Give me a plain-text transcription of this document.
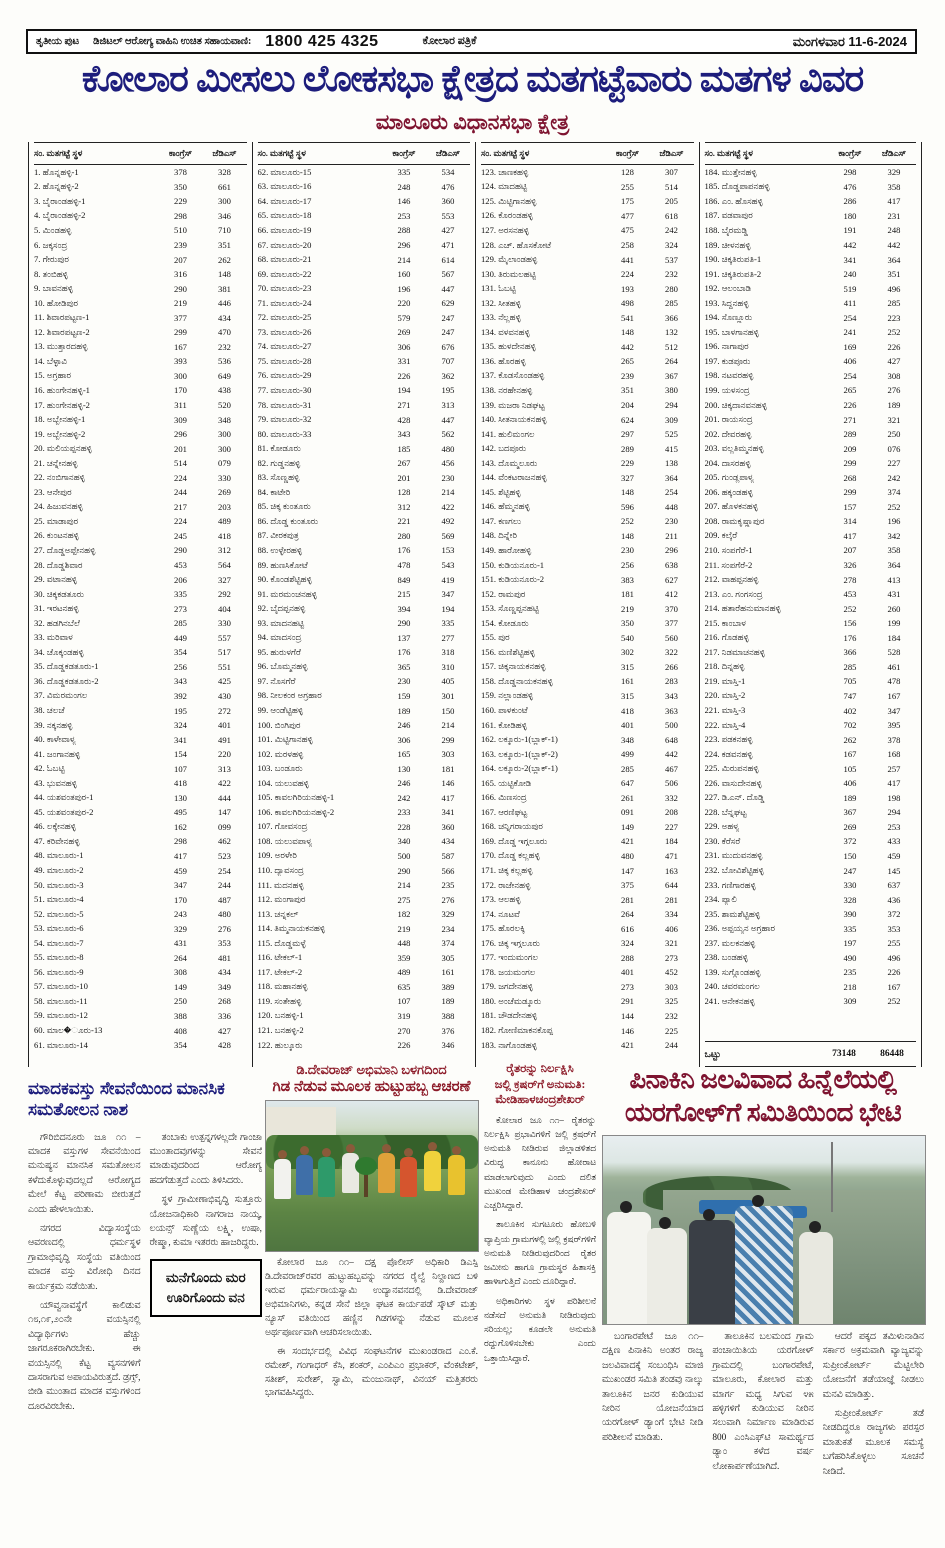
ತೃತೀಯ ಪುಟ ಡಿಜಿಟಲ್ ಆರೋಗ್ಯ ವಾಹಿನಿ ಉಚಿತ ಸಹಾಯವಾಣಿ: 1800 425 4325	ಕೋಲಾರ ಪತ್ರಿಕೆ	ಮಂಗಳವಾರ 11-6-2024
ಕೋಲಾರ ಮೀಸಲು ಲೋಕಸಭಾ ಕ್ಷೇತ್ರದ ಮತಗಟ್ಟೆವಾರು ಮತಗಳ ವಿವರ
ಮಾಲೂರು ವಿಧಾನಸಭಾ ಕ್ಷೇತ್ರ
ಸಂ. ಮತಗಟ್ಟೆ ಸ್ಥಳ	ಕಾಂಗ್ರೆಸ್	ಜೆಡಿಎಸ್
1. ಹೊನ್ನಹಳ್ಳಿ-1	378	328
2. ಹೊನ್ನಹಳ್ಳಿ-2	350	661
3. ಬೈರಾಂಡಹಳ್ಳಿ-1	229	300
4. ಬೈರಾಂಡಹಳ್ಳಿ-2	298	346
5. ಮಿಂಡಹಳ್ಳಿ	510	710
6. ಜಕ್ಕಸಂದ್ರ	239	351
7. ಗೇರುಪುರ	207	262
8. ತಂಬಿಹಳ್ಳಿ	316	148
9. ಬಾವನಹಳ್ಳಿ	290	381
10. ಹೋಡಿಪುರ	219	446
11. ಶಿವಾರಪಟ್ಟಣ-1	377	434
12. ಶಿವಾರಪಟ್ಟಣ-2	299	470
13. ಮುತ್ತಾರದಹಳ್ಳಿ	167	232
14. ಬೆಳ್ಳಾವಿ	393	536
15. ಅಗ್ರಹಾರ	300	649
16. ಹುಂಗೇನಹಳ್ಳಿ-1	170	438
17. ಹುಂಗೇನಹಳ್ಳಿ-2	311	520
18. ಅಬ್ಬೇನಹಳ್ಳಿ-1	309	348
19. ಅಬ್ಬೇನಹಳ್ಳಿ-2	296	300
20. ಮಲಿಯಪ್ಪನಹಳ್ಳಿ	201	300
21. ಚನ್ನೇನಹಳ್ಳಿ	514	079
22. ನಂಬಿಗಾನಹಳ್ಳಿ	224	330
23. ಆನೇಪುರ	244	269
24. ಹಿಜುವನಹಳ್ಳಿ	217	203
25. ಮಾಡಾಪುರ	224	489
26. ಕುಂಟನಹಳ್ಳಿ	245	418
27. ದೊಡ್ಡಅಪ್ಪೇನಹಳ್ಳಿ	290	312
28. ದೊಡ್ಡಶಿವಾರ	453	564
29. ವಟಾನಹಳ್ಳಿ	206	327
30. ಚಿಕ್ಕಕಡತೂರು	335	292
31. ಇರಟನಹಳ್ಳಿ	273	404
32. ಹಡಗಿನಬೆಲೆ	285	330
33. ಮರಿವಾಳ	449	557
34. ಚೊಕ್ಕಂಡಹಳ್ಳಿ	354	517
35. ದೊಡ್ಡಕಡತೂರು-1	256	551
36. ದೊಡ್ಡಕಡತೂರು-2	343	425
37. ವಿಮರಮಂಗಲ	392	430
38. ಚಲಚೆ	195	272
39. ನಕ್ಕನಹಳ್ಳಿ	324	401
40. ಕಾಳೇವಾಳ್ಯ	341	491
41. ಜಂಗಾನಹಳ್ಳಿ	154	220
42. ಓಬಟ್ಟಿ	107	313
43. ಭುವನಹಳ್ಳಿ	418	422
44. ಯಶವಂತಪುರ-1	130	444
45. ಯಶವಂತಪುರ-2	495	147
46. ಲಕ್ಕೇನಹಳ್ಳಿ	162	099
47. ಕರಿವೇನಹಳ್ಳಿ	298	462
48. ಮಾಲೂರು-1	417	523
49. ಮಾಲೂರು-2	459	254
50. ಮಾಲೂರು-3	347	244
51. ಮಾಲೂರು-4	170	487
52. ಮಾಲೂರು-5	243	480
53. ಮಾಲೂರು-6	329	276
54. ಮಾಲೂರು-7	431	353
55. ಮಾಲೂರು-8	264	481
56. ಮಾಲೂರು-9	308	434
57. ಮಾಲೂರು-10	149	349
58. ಮಾಲೂರು-11	250	268
59. ಮಾಲೂರು-12	388	336
60. ಮಾಲ�ೂರು-13	408	427
61. ಮಾಲೂರು-14	354	428
ಸಂ. ಮತಗಟ್ಟೆ ಸ್ಥಳ	ಕಾಂಗ್ರೆಸ್	ಜೆಡಿಎಸ್
62. ಮಾಲೂರು-15	335	534
63. ಮಾಲೂರು-16	248	476
64. ಮಾಲೂರು-17	146	360
65. ಮಾಲೂರು-18	253	553
66. ಮಾಲೂರು-19	288	427
67. ಮಾಲೂರು-20	296	471
68. ಮಾಲೂರು-21	214	614
69. ಮಾಲೂರು-22	160	567
70. ಮಾಲೂರು-23	196	447
71. ಮಾಲೂರು-24	220	629
72. ಮಾಲೂರು-25	579	247
73. ಮಾಲೂರು-26	269	247
74. ಮಾಲೂರು-27	306	676
75. ಮಾಲೂರು-28	331	707
76. ಮಾಲೂರು-29	226	362
77. ಮಾಲೂರು-30	194	195
78. ಮಾಲೂರು-31	271	313
79. ಮಾಲೂರು-32	428	447
80. ಮಾಲೂರು-33	343	562
81. ಕೋಡೂರು	185	480
82. ಗುಡ್ಡನಹಳ್ಳಿ	267	456
83. ಸೊಣ್ಣಹಳ್ಳಿ	201	230
84. ಕಾಟೇರಿ	128	214
85. ಚಿಕ್ಕ ಕುಂತೂರು	312	422
86. ದೊಡ್ಡ ಕುಂತೂರು	221	492
87. ವೀರಕಪುತ್ರ	280	569
88. ಉಳ್ಳೇರಹಳ್ಳಿ	176	153
89. ಹುಣಸಿಕೋಟೆ	478	543
90. ಕೊಂಡಶೆಟ್ಟಿಹಳ್ಳಿ	849	419
91. ಮರಮಂಚನಹಳ್ಳಿ	215	347
92. ಬೈದಪ್ಪನಹಳ್ಳಿ	394	194
93. ಮಾದನಹಟ್ಟಿ	290	335
94. ಮಾದಸಂದ್ರ	137	277
95. ಹುರುಳಗೆರೆ	176	318
96. ಬೊಮ್ಮನಹಳ್ಳಿ	365	310
97. ನೊಸಗೆರೆ	230	405
98. ನೀಲಕಂಠ ಅಗ್ರಹಾರ	159	301
99. ಆಂಡೆಟ್ಟಿಹಳ್ಳಿ	189	150
100. ಬಿಂಗಿಪುರ	246	214
101. ಮಿಟ್ಟಿಗಾನಹಳ್ಳಿ	306	299
102. ಮರಳಹಳ್ಳಿ	165	303
103. ಬಂಡೂರು	130	181
104. ಯಲುವಹಳ್ಳಿ	246	146
105. ಕಾವಲಗಿರಿಯನಹಳ್ಳಿ-1	242	417
106. ಕಾವಲಗಿರಿಯನಹಳ್ಳಿ-2	233	341
107. ಗೋವಸಂದ್ರ	228	360
108. ಯಲುವಪಾಳ್ಯ	340	434
109. ಅರಳೇರಿ	500	587
110. ದ್ಯಾವಸಂದ್ರ	290	566
111. ಮದನಹಳ್ಳಿ	214	235
112. ಮಂಗಾಪುರ	275	276
113. ಚನ್ನಕಲ್	182	329
114. ತಿಮ್ಮನಾಯಕನಹಳ್ಳಿ	219	234
115. ದೊಡ್ಡಮಳ್ಳೆ	448	374
116. ಟೇಕಲ್-1	359	305
117. ಟೇಕಲ್-2	489	161
118. ಮಹಾನಹಳ್ಳಿ	635	389
119. ಸಂತೇಹಳ್ಳಿ	107	189
120. ಬನಹಳ್ಳಿ-1	319	388
121. ಬನಹಳ್ಳಿ-2	270	376
122. ಹುಲ್ಕೂರು	226	346
ಸಂ. ಮತಗಟ್ಟೆ ಸ್ಥಳ	ಕಾಂಗ್ರೆಸ್	ಜೆಡಿಎಸ್
123. ಚಾಣಕಹಳ್ಳಿ	128	307
124. ಮಾದಹಟ್ಟಿ	255	514
125. ಮಿಟ್ಟಿಗಾನಹಳ್ಳಿ	175	205
126. ಕೊರಂಡಹಳ್ಳಿ	477	618
127. ಅರಸನಹಳ್ಳಿ	475	242
128. ಎಚ್. ಹೊಸಕೋಟೆ	258	324
129. ಮೈಲಾಂಡಹಳ್ಳಿ	441	537
130. ತಿರುಮಲಹಟ್ಟಿ	224	232
131. ಓಬಟ್ಟಿ	193	280
132. ಸೀತಹಳ್ಳಿ	498	285
133. ನೆಲ್ಲಹಳ್ಳಿ	541	366
134. ವಳವನಹಳ್ಳಿ	148	132
135. ಹುಳದೇನಹಳ್ಳಿ	442	512
136. ಹೊರಹಳ್ಳಿ	265	264
137. ಕೊಡಸೊಂಡಹಳ್ಳಿ	239	367
138. ನರಹೇನಹಳ್ಳಿ	351	380
139. ಮಜರಾ ನಿಡಘಟ್ಟ	204	294
140. ಸೀತನಾಯಕನಹಳ್ಳಿ	624	309
141. ಹುಲಿಮಂಗಲ	297	525
142. ಬದಪೂರು	289	415
143. ದೊಮ್ಮಲೂರು	229	138
144. ವೆಂಕಟರಾಜನಹಳ್ಳಿ	327	364
145. ಶೆಟ್ಟಿಹಳ್ಳಿ	148	254
146. ಹೆಮ್ಮನಹಳ್ಳಿ	596	448
147. ಕಣಗಲು	252	230
148. ದಿನ್ನೇರಿ	148	211
149. ಹಾರೋಹಳ್ಳಿ	230	296
150. ಕುಡಿಯನೂರು-1	256	638
151. ಕುಡಿಯನೂರು-2	383	627
152. ರಾಮಪುರ	181	412
153. ಸೊಣ್ಣಪ್ಪನಹಟ್ಟಿ	219	370
154. ಕೋಡೂರು	350	377
155. ಪುರ	540	560
156. ಮಣಿಶೆಟ್ಟಿಹಳ್ಳಿ	302	322
157. ಚಿಕ್ಕನಾಯಕನಹಳ್ಳಿ	315	266
158. ದೊಡ್ಡನಾಯಕನಹಳ್ಳಿ	161	283
159. ನಲ್ಲಾಂಡಹಳ್ಳಿ	315	343
160. ಪಾಳಕುಂಟೆ	418	363
161. ಕೋಡಿಹಳ್ಳಿ	401	500
162. ಲಕ್ಕೂರು-1(ಬ್ಲಾಕ್-1)	348	648
163. ಲಕ್ಕೂರು-1(ಬ್ಲಾಕ್-2)	499	442
164. ಲಕ್ಕೂರು-2(ಬ್ಲಾಕ್-1)	285	467
165. ಯಟ್ಟಿಕೋಡಿ	647	506
166. ಮಿಣಸಂದ್ರ	261	332
167. ಆರಣಿಘಟ್ಟ	091	208
168. ಚನ್ನಿಗರಾಯಪುರ	149	227
169. ದೊಡ್ಡ ಇಗ್ಗಲೂರು	421	184
170. ದೊಡ್ಡ ಕಲ್ಲಹಳ್ಳಿ	480	471
171. ಚಿಕ್ಕ ಕಲ್ಲಹಳ್ಳಿ	147	163
172. ರಾಜೇನಹಳ್ಳಿ	375	644
173. ಆಲಹಳ್ಳಿ	281	281
174. ನೂಟವೆ	264	334
175. ಹೊರಲಕ್ಕಿ	616	406
176. ಚಿಕ್ಕ ಇಗ್ಗಲೂರು	324	321
177. ಇಂದುಮಂಗಲ	288	273
178. ಜಯಮಂಗಲ	401	452
179. ಜಗದೇನಹಳ್ಳಿ	273	303
180. ಅಂಚೆಮಡ್ಕೂರು	291	325
181. ಚೌಡದೇನಹಳ್ಳಿ	144	232
182. ಗೋಣಿಮಾಕನಕೊಪ್ಪ	146	225
183. ನಾಗೊಂಡಹಳ್ಳಿ	421	244
ಸಂ. ಮತಗಟ್ಟೆ ಸ್ಥಳ	ಕಾಂಗ್ರೆಸ್	ಜೆಡಿಎಸ್
184. ಮುತ್ತೇನಹಳ್ಳಿ	298	329
185. ದೊಡ್ಡಪಾಪನಹಳ್ಳಿ	476	358
186. ಎಂ. ಹೊಸಹಳ್ಳಿ	286	417
187. ವಡವಾಪುರ	180	231
188. ಬೈರಮಡ್ಡಿ	191	248
189. ಚೀಳನಹಳ್ಳಿ	442	442
190. ಚಿಕ್ಕತಿರುಪತಿ-1	341	364
191. ಚಿಕ್ಕತಿರುಪತಿ-2	240	351
192. ಆಲಂಬಾಡಿ	519	496
193. ಸಿದ್ದನಹಳ್ಳಿ	411	285
194. ಸೊಣ್ಣೂರು	254	223
195. ಬಾಳಗಾನಹಳ್ಳಿ	241	252
196. ನಾಗಾಪುರ	169	226
197. ಕುಡಪೂರು	406	427
198. ನಟವರಹಳ್ಳಿ	254	308
199. ಯಳಸಂದ್ರ	265	276
200. ಚಿಕ್ಕದಾನವನಹಳ್ಳಿ	226	189
201. ರಾಯಸಂದ್ರ	271	321
202. ದೇವರಹಳ್ಳಿ	289	250
203. ವಲ್ಲತಿಮ್ಮನಹಳ್ಳಿ	209	076
204. ದಾಸರಹಳ್ಳಿ	299	227
205. ಗುಂಡ್ಲಪಾಳ್ಯ	268	242
206. ಹಕ್ಕಂಡಹಳ್ಳಿ	299	374
207. ಹೊಳಕನಹಳ್ಳಿ	157	252
208. ರಾಮಕೃಷ್ಣಾಪುರ	314	196
209. ಕಲ್ಕೆರೆ	417	342
210. ಸಂಪಗೆರೆ-1	207	358
211. ಸಂಪಗೆರೆ-2	326	364
212. ವಾಹಪ್ಪನಹಳ್ಳಿ	278	413
213. ಎಂ. ಗಂಗಸಂದ್ರ	453	431
214. ಹತಾರೆಹನುಮಾನಹಳ್ಳಿ	252	260
215. ಕಾಂಬಾಳ	156	199
216. ಗೊಡಹಳ್ಳಿ	176	184
217. ನಿಡಮಾಚನಹಳ್ಳಿ	366	528
218. ದಿನ್ನಹಳ್ಳಿ	285	461
219. ಮಾಸ್ತಿ-1	705	478
220. ಮಾಸ್ತಿ-2	747	167
221. ಮಾಸ್ತಿ-3	402	347
222. ಮಾಸ್ತಿ-4	702	395
223. ಪಡಕನಹಳ್ಳಿ	262	378
224. ಕಡವನಹಳ್ಳಿ	167	168
225. ಮಿರುಪನಹಳ್ಳಿ	105	257
226. ವಾಸುದೇನಹಳ್ಳಿ	406	417
227. ಡಿ.ಎನ್. ದೊಡ್ಡಿ	189	198
228. ಬೆನ್ನಘಟ್ಟ	367	294
229. ಅಹಳ್ಯ	269	253
230. ಕೆರೆಸರೆ	372	433
231. ಮುದುವನಹಳ್ಳಿ	150	459
232. ಬೋವಿಶೆಟ್ಟಿಹಳ್ಳಿ	247	145
233. ಗಣಿಗಾರಹಳ್ಳಿ	330	637
234. ಪ್ಯಾಲಿ	328	436
235. ಶಾಮಶೆಟ್ಟಿಹಳ್ಳಿ	390	372
236. ಅಪ್ಪಯ್ಯನ ಅಗ್ರಹಾರ	335	353
237. ಮಲಕನಹಳ್ಳಿ	197	255
238. ಬಂಡಹಳ್ಳಿ	490	496
139. ಸುಗ್ಗೊಂಡಹಳ್ಳಿ	235	226
240. ಚವರಮಂಗಲ	218	167
241. ಆನೇಕನಹಳ್ಳಿ	309	252
ಒಟ್ಟು	73148	86448
ಮಾದಕವಸ್ತು ಸೇವನೆಯಿಂದ ಮಾನಸಿಕ ಸಮತೋಲನ ನಾಶ

ಗೌರಿಬಿದನೂರು ಜೂ ೧೧ – ಮಾದಕ ವಸ್ತುಗಳ ಸೇವನೆಯಿಂದ ಮನುಷ್ಯನ ಮಾನಸಿಕ ಸಮತೋಲನ ಕಳೆದುಕೊಳ್ಳುವುದಲ್ಲದೆ ಆರೋಗ್ಯದ ಮೇಲೆ ಕೆಟ್ಟ ಪರಿಣಾಮ ಬೀರುತ್ತದೆ ಎಂದು ಹೇಳಲಾಯಿತು.

ನಗರದ ವಿದ್ಯಾಸಂಸ್ಥೆಯ ಆವರಣದಲ್ಲಿ ಧರ್ಮಸ್ಥಳ ಗ್ರಾಮಾಭಿವೃದ್ಧಿ ಸಂಸ್ಥೆಯ ವತಿಯಿಂದ ಮಾದಕ ವಸ್ತು ವಿರೋಧಿ ದಿನದ ಕಾರ್ಯಕ್ರಮ ನಡೆಯಿತು.

ಯೌವ್ವನಾವಸ್ಥೆಗೆ ಕಾಲಿಡುವ ೧೮,೧೯,೨೦ನೇ ವಯಸ್ಸಿನಲ್ಲಿ ವಿದ್ಯಾರ್ಥಿಗಳು ಹೆಚ್ಚು ಜಾಗರೂಕರಾಗಿರಬೇಕು. ಈ ವಯಸ್ಸಿನಲ್ಲಿ ಕೆಟ್ಟ ವ್ಯಸನಗಳಿಗೆ ದಾಸರಾಗುವ ಅಪಾಯವಿರುತ್ತದೆ. ಡ್ರಗ್ಸ್, ಬೀಡಿ ಮುಂತಾದ ಮಾದಕ ವಸ್ತುಗಳಿಂದ ದೂರವಿರಬೇಕು.

ತಂಬಾಕು ಉತ್ಪನ್ನಗಳಲ್ಲದೇ ಗಾಂಜಾ ಮುಂತಾದವುಗಳನ್ನು ಸೇವನೆ ಮಾಡುವುದರಿಂದ ಆರೋಗ್ಯ ಹದಗೆಡುತ್ತದೆ ಎಂದು ತಿಳಿಸಿದರು.

ಸ್ಥಳ ಗ್ರಾಮೀಣಾಭಿವೃದ್ಧಿ ಸುತ್ತೂರು ಯೋಜನಾಧಿಕಾರಿ ನಾಗರಾಜ ನಾಯ್ಕ, ಲಯನ್ಸ್ ಸುಣ್ಣೆಯ ಲಕ್ಷ್ಮಿ, ಉಷಾ, ರೇಷ್ಮಾ, ಕುಮಾ ಇತರರು ಹಾಜರಿದ್ದರು.

ಮನೆಗೊಂದು ಮರ ಊರಿಗೊಂದು ವನ
ಡಿ.ದೇವರಾಜ್ ಅಭಿಮಾನಿ ಬಳಗದಿಂದ
ಗಿಡ ನೆಡುವ ಮೂಲಕ ಹುಟ್ಟುಹಬ್ಬ ಆಚರಣೆ

ಕೋಲಾರ ಜೂ ೧೧– ದಕ್ಷ ಪೊಲೀಸ್ ಅಧಿಕಾರಿ ಡಿಎಸ್ಪಿ ಡಿ.ದೇವರಾಜ್‌ರವರ ಹುಟ್ಟುಹಬ್ಬವನ್ನು ನಗರದ ರೈಲ್ವೆ ನಿಲ್ದಾಣದ ಬಳಿ ಇರುವ ಧರ್ಮರಾಯಸ್ವಾಮಿ ಉದ್ಯಾನವನದಲ್ಲಿ ಡಿ.ದೇವರಾಜ್ ಅಭಿಮಾನಿಗಳು, ಕನ್ನಡ ಸೇನೆ ಜಿಲ್ಲಾ ಘಟಕ ಕಾರ್ಯಪಡೆ ಸ್ಕೌಟ್ ಮತ್ತು ನ್ಯೂಸ್ ವತಿಯಿಂದ ಹಣ್ಣಿನ ಗಿಡಗಳನ್ನು ನೆಡುವ ಮೂಲಕ ಅರ್ಥಪೂರ್ಣವಾಗಿ ಆಚರಿಸಲಾಯಿತು.

ಈ ಸಂದರ್ಭದಲ್ಲಿ ವಿವಿಧ ಸಂಘಟನೆಗಳ ಮುಖಂಡರಾದ ಎಂ.ಕೆ. ರಮೇಶ್, ಗಂಗಾಧರ್ ಕೆಸಿ, ಶಂಕರ್, ಎಂಪಿಎಂ ಪ್ರಭಾಕರ್, ವೆಂಕಟೇಶ್, ಸತೀಶ್, ಸುರೇಶ್, ಸ್ವಾಮಿ, ಮಂಜುನಾಥ್, ವಿನಯ್ ಮತ್ತಿತರರು ಭಾಗವಹಿಸಿದ್ದರು.

ರೈತರನ್ನು ನಿರ್ಲಕ್ಷಿಸಿ
ಜಲ್ಲಿ ಕ್ರಷರ್‌ಗೆ ಅನುಮತಿ:
ಮೇಡಿಹಾಳಚಂದ್ರಶೇಖರ್

ಕೋಲಾರ ಜೂ ೧೧– ರೈತರನ್ನು ನಿರ್ಲಕ್ಷಿಸಿ ಪ್ರಭಾವಿಗಳಿಗೆ ಜಲ್ಲಿ ಕ್ರಷರ್‌ಗೆ ಅನುಮತಿ ನೀಡಿರುವ ಜಿಲ್ಲಾಡಳಿತದ ವಿರುದ್ಧ ಕಾನೂನು ಹೋರಾಟ ಮಾಡಲಾಗುವುದು ಎಂದು ದಲಿತ ಮುಖಂಡ ಮೇಡಿಹಾಳ ಚಂದ್ರಶೇಖರ್ ಎಚ್ಚರಿಸಿದ್ದಾರೆ.

ತಾಲೂಕಿನ ಸುಗಟೂರು ಹೋಬಳಿ ವ್ಯಾಪ್ತಿಯ ಗ್ರಾಮಗಳಲ್ಲಿ ಜಲ್ಲಿ ಕ್ರಷರ್‌ಗಳಿಗೆ ಅನುಮತಿ ನೀಡಿರುವುದರಿಂದ ರೈತರ ಜಮೀನು ಹಾಗೂ ಗ್ರಾಮಸ್ಥರ ಹಿತಾಸಕ್ತಿ ಹಾಳಾಗುತ್ತಿದೆ ಎಂದು ದೂರಿದ್ದಾರೆ.

ಅಧಿಕಾರಿಗಳು ಸ್ಥಳ ಪರಿಶೀಲನೆ ನಡೆಸದೆ ಅನುಮತಿ ನೀಡಿರುವುದು ಸರಿಯಲ್ಲ; ಕೂಡಲೇ ಅನುಮತಿ ರದ್ದುಗೊಳಿಸಬೇಕು ಎಂದು ಒತ್ತಾಯಿಸಿದ್ದಾರೆ.

ಪಿನಾಕಿನಿ ಜಲವಿವಾದ ಹಿನ್ನೆಲೆಯಲ್ಲಿ
ಯರಗೋಳ್‌ಗೆ ಸಮಿತಿಯಿಂದ ಭೇಟಿ

ಬಂಗಾರಪೇಟೆ ಜೂ ೧೧– ದಕ್ಷಿಣ ಪಿನಾಕಿನಿ ಅಂತರ ರಾಜ್ಯ ಜಲವಿವಾದಕ್ಕೆ ಸಂಬಂಧಿಸಿ ಮಾಜಿ ಮುಖಂಡರ ಸಮಿತಿ ತಂಡವು ನಾಲ್ಕು ತಾಲೂಕಿನ ಜನರ ಕುಡಿಯುವ ನೀರಿನ ಯೋಜನೆಯಾದ ಯರಗೋಳ್ ಡ್ಯಾಂಗೆ ಭೇಟಿ ನೀಡಿ ಪರಿಶೀಲನೆ ಮಾಡಿತು.

ತಾಲೂಕಿನ ಬಲಮಂದ ಗ್ರಾಮ ಪಂಚಾಯಿತಿಯ ಯರಗೋಳ್ ಗ್ರಾಮದಲ್ಲಿ ಬಂಗಾರಪೇಟೆ, ಮಾಲೂರು, ಕೋಲಾರ ಮತ್ತು ಮಾರ್ಗ ಮಧ್ಯ ಸಿಗುವ ೪೫ ಹಳ್ಳಿಗಳಿಗೆ ಕುಡಿಯುವ ನೀರಿನ ಸಲುವಾಗಿ ನಿರ್ಮಾಣ ಮಾಡಿರುವ 800 ಎಂಸಿಎಫ್‌ಟಿ ಸಾಮರ್ಥ್ಯದ ಡ್ಯಾಂ ಕಳೆದ ವರ್ಷ ಲೋಕಾರ್ಪಣೆಯಾಗಿದೆ.

ಆದರೆ ಪಕ್ಕದ ತಮಿಳುನಾಡಿನ ಸರ್ಕಾರ ಅಕ್ರಮವಾಗಿ ವ್ಯಾಜ್ಯವನ್ನು ಸುಪ್ರೀಂಕೋರ್ಟ್ ಮೆಟ್ಟಿಲೇರಿ ಯೋಜನೆಗೆ ತಡೆಯಾಜ್ಞೆ ನೀಡಲು ಮನವಿ ಮಾಡಿತ್ತು.

ಸುಪ್ರೀಂಕೋರ್ಟ್ ತಡೆ ನೀಡದಿದ್ದರೂ ರಾಜ್ಯಗಳು ಪರಸ್ಪರ ಮಾತುಕತೆ ಮೂಲಕ ಸಮಸ್ಯೆ ಬಗೆಹರಿಸಿಕೊಳ್ಳಲು ಸೂಚನೆ ನೀಡಿದೆ.
